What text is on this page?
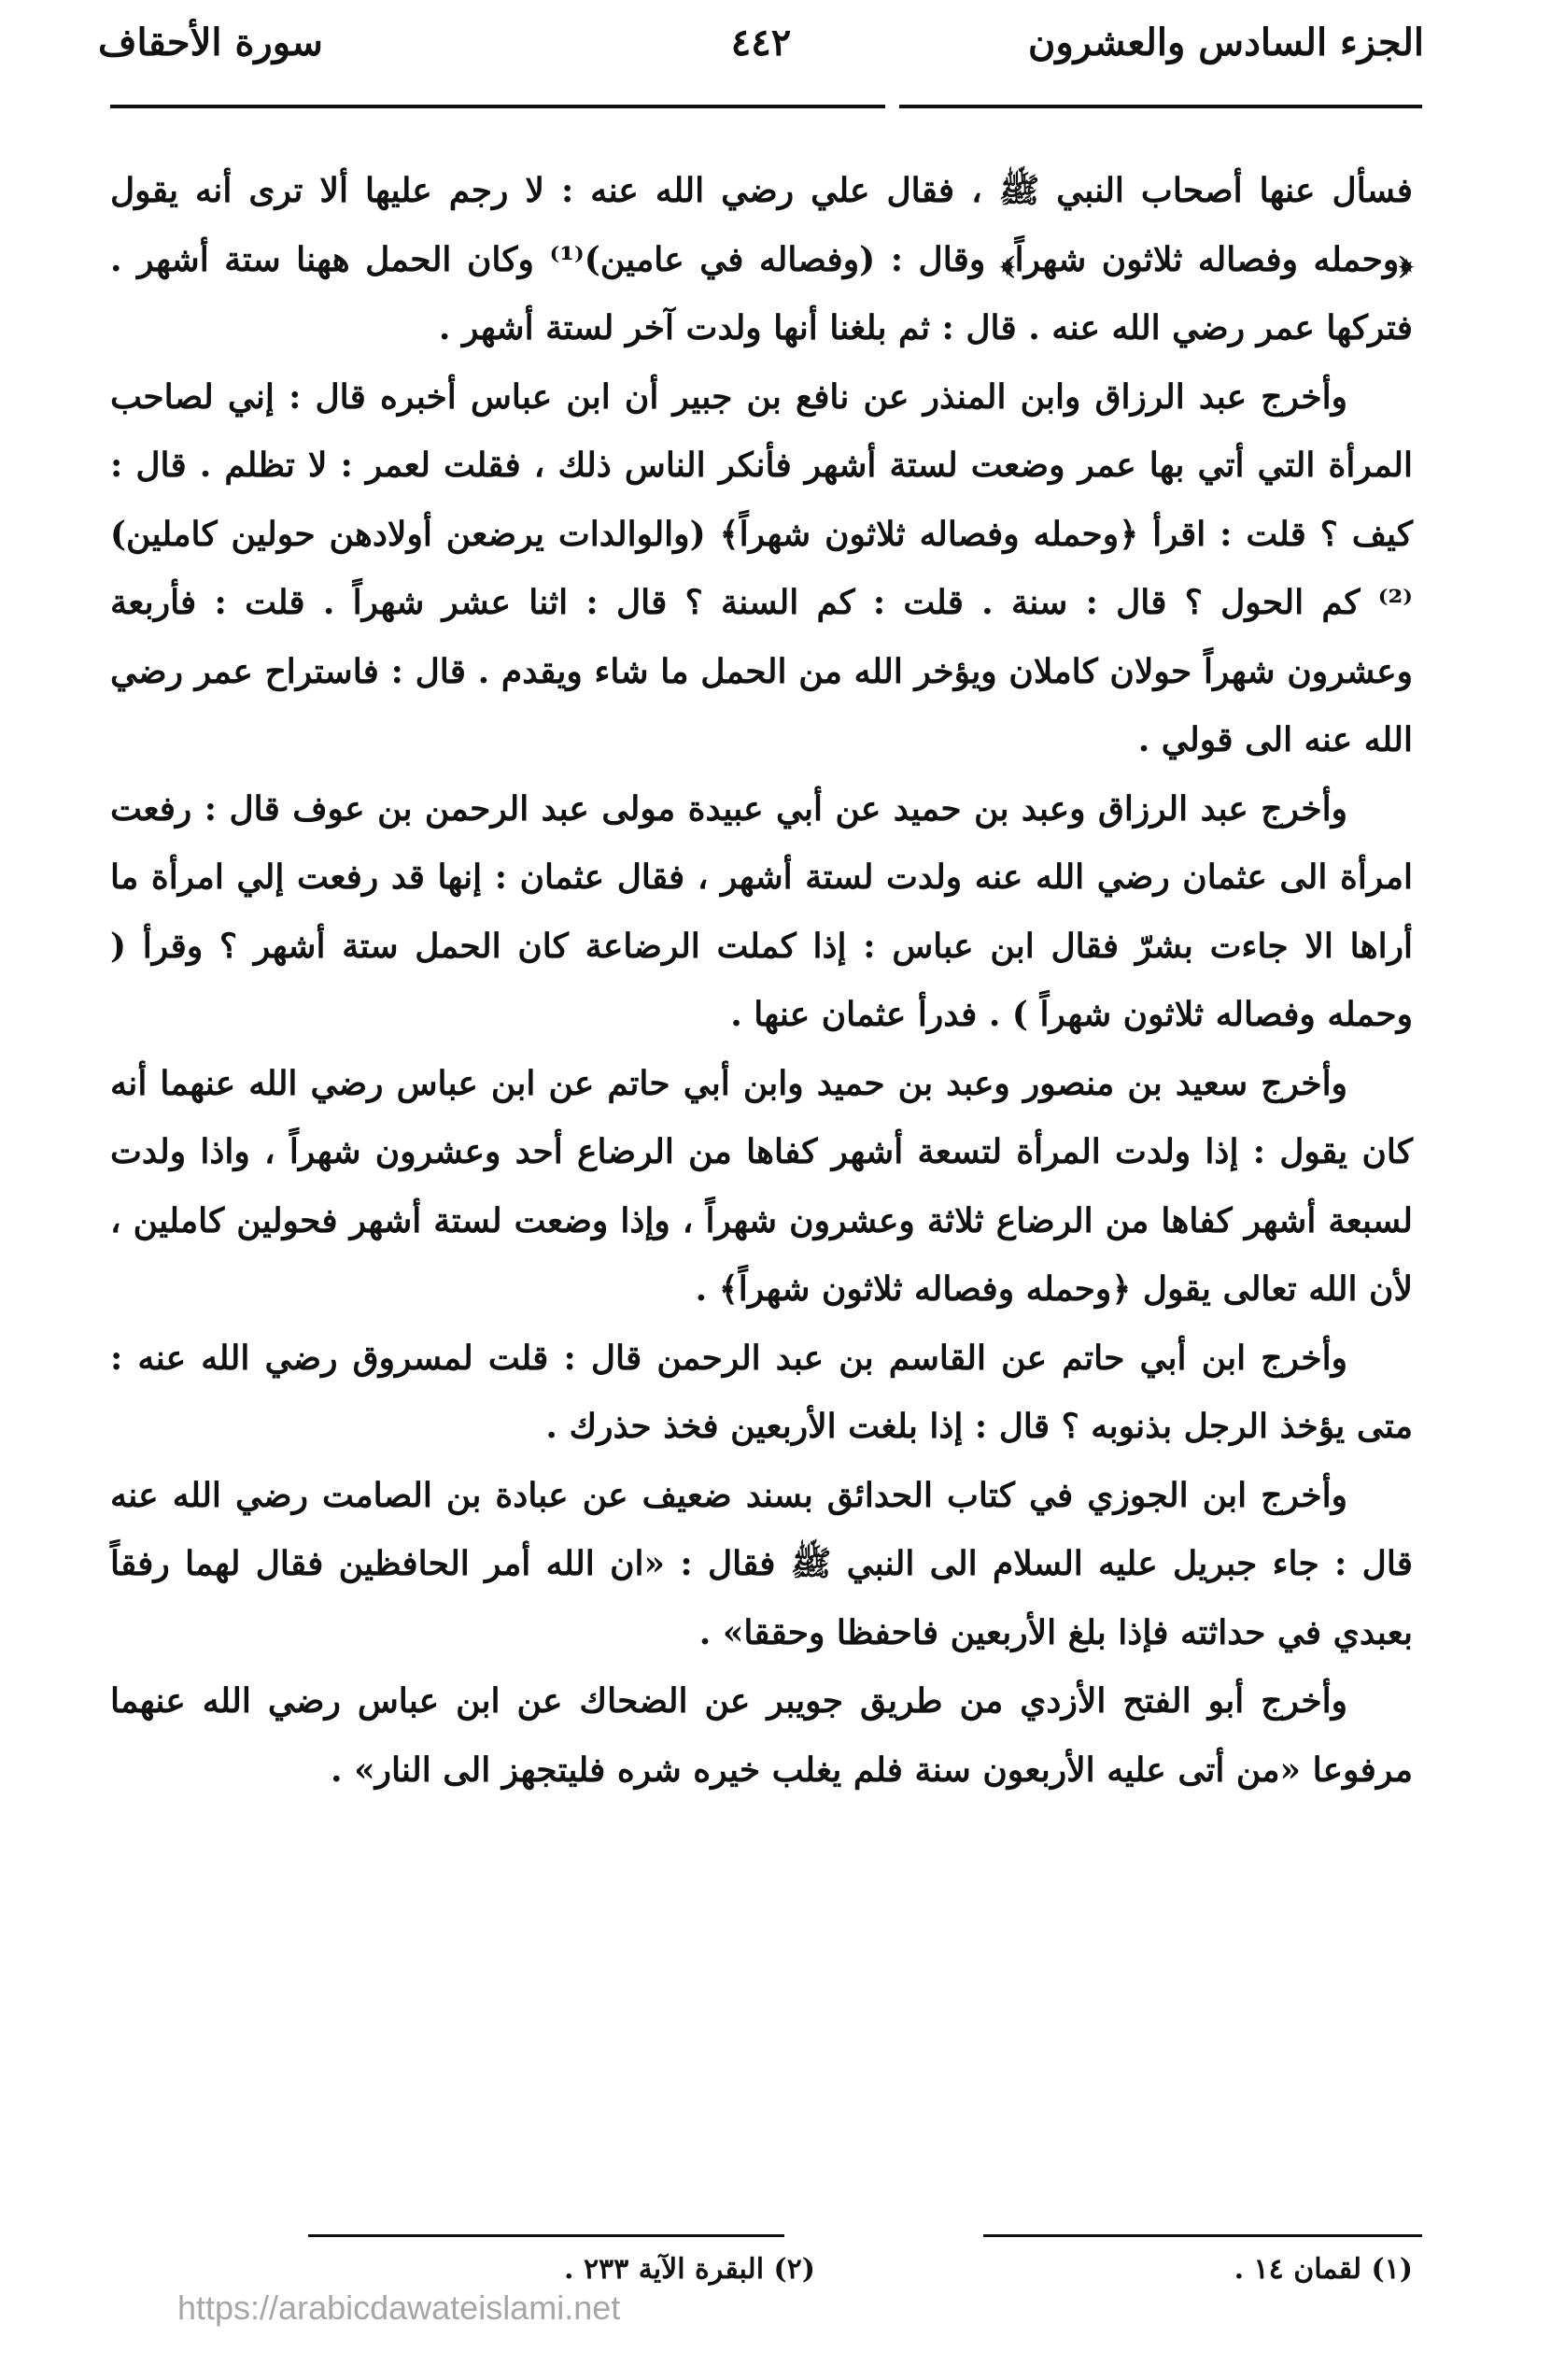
الجزء السادس والعشرون
٤٤٢
سورة الأحقاف

فسأل عنها أصحاب النبي ﷺ ، فقال علي رضي الله عنه : لا رجم عليها ألا ترى أنه يقول ﴿وحمله وفصاله ثلاثون شهراً﴾ وقال : (وفصاله في عامين)⁽¹⁾ وكان الحمل ههنا ستة أشهر . فتركها عمر رضي الله عنه . قال : ثم بلغنا أنها ولدت آخر لستة أشهر .

وأخرج عبد الرزاق وابن المنذر عن نافع بن جبير أن ابن عباس أخبره قال : إني لصاحب المرأة التي أتي بها عمر وضعت لستة أشهر فأنكر الناس ذلك ، فقلت لعمر : لا تظلم . قال : كيف ؟ قلت : اقرأ ﴿وحمله وفصاله ثلاثون شهراً﴾ (والوالدات يرضعن أولادهن حولين كاملين)⁽²⁾ كم الحول ؟ قال : سنة . قلت : كم السنة ؟ قال : اثنا عشر شهراً . قلت : فأربعة وعشرون شهراً حولان كاملان ويؤخر الله من الحمل ما شاء ويقدم . قال : فاستراح عمر رضي الله عنه الى قولي .

وأخرج عبد الرزاق وعبد بن حميد عن أبي عبيدة مولى عبد الرحمن بن عوف قال : رفعت امرأة الى عثمان رضي الله عنه ولدت لستة أشهر ، فقال عثمان : إنها قد رفعت إلي امرأة ما أراها الا جاءت بشرّ فقال ابن عباس : إذا كملت الرضاعة كان الحمل ستة أشهر ؟ وقرأ ( وحمله وفصاله ثلاثون شهراً ) . فدرأ عثمان عنها .

وأخرج سعيد بن منصور وعبد بن حميد وابن أبي حاتم عن ابن عباس رضي الله عنهما أنه كان يقول : إذا ولدت المرأة لتسعة أشهر كفاها من الرضاع أحد وعشرون شهراً ، واذا ولدت لسبعة أشهر كفاها من الرضاع ثلاثة وعشرون شهراً ، وإذا وضعت لستة أشهر فحولين كاملين ، لأن الله تعالى يقول ﴿وحمله وفصاله ثلاثون شهراً﴾ .

وأخرج ابن أبي حاتم عن القاسم بن عبد الرحمن قال : قلت لمسروق رضي الله عنه : متى يؤخذ الرجل بذنوبه ؟ قال : إذا بلغت الأربعين فخذ حذرك .

وأخرج ابن الجوزي في كتاب الحدائق بسند ضعيف عن عبادة بن الصامت رضي الله عنه قال : جاء جبريل عليه السلام الى النبي ﷺ فقال : «ان الله أمر الحافظين فقال لهما رفقاً بعبدي في حداثته فإذا بلغ الأربعين فاحفظا وحققا» .

وأخرج أبو الفتح الأزدي من طريق جويبر عن الضحاك عن ابن عباس رضي الله عنهما مرفوعا «من أتى عليه الأربعون سنة فلم يغلب خيره شره فليتجهز الى النار» .

(١) لقمان ١٤ .
(٢) البقرة الآية ٢٣٣ .
https://arabicdawateislami.net
